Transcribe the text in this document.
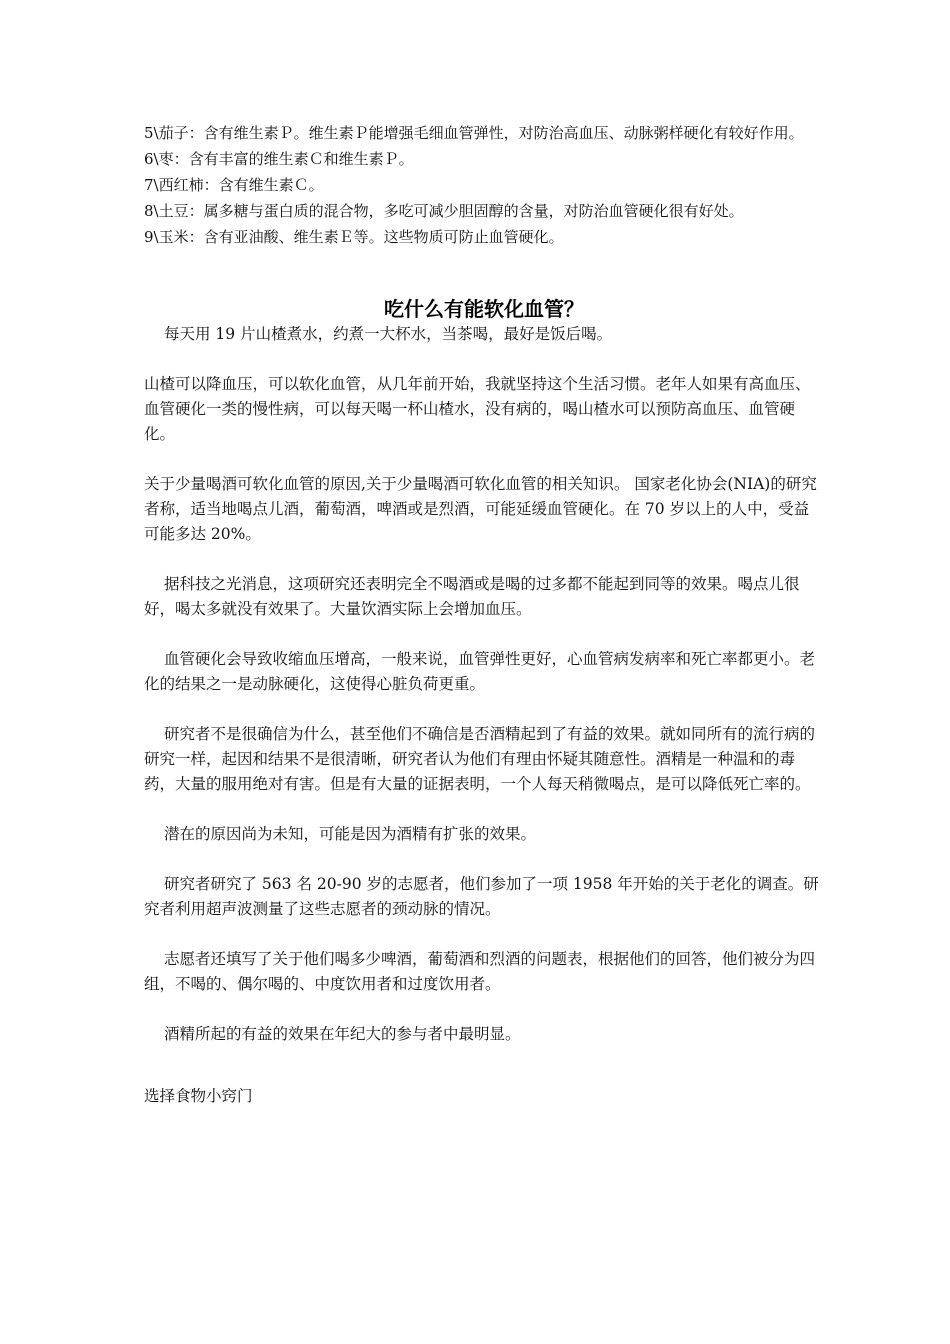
5\茄子：含有维生素Ｐ。维生素Ｐ能增强毛细血管弹性，对防治高血压、动脉粥样硬化有较好作用。

6\枣：含有丰富的维生素Ｃ和维生素Ｐ。

7\西红柿：含有维生素Ｃ。

8\土豆：属多糖与蛋白质的混合物，多吃可减少胆固醇的含量，对防治血管硬化很有好处。

9\玉米：含有亚油酸、维生素Ｅ等。这些物质可防止血管硬化。

吃什么有能软化血管？

每天用 19 片山楂煮水，约煮一大杯水，当茶喝，最好是饭后喝。

山楂可以降血压，可以软化血管，从几年前开始，我就坚持这个生活习惯。老年人如果有高血压、血管硬化一类的慢性病，可以每天喝一杯山楂水，没有病的，喝山楂水可以预防高血压、血管硬化。

关于少量喝酒可软化血管的原因,关于少量喝酒可软化血管的相关知识。 国家老化协会(NIA)的研究者称，适当地喝点儿酒，葡萄酒，啤酒或是烈酒，可能延缓血管硬化。在 70 岁以上的人中，受益可能多达 20%。

据科技之光消息，这项研究还表明完全不喝酒或是喝的过多都不能起到同等的效果。喝点儿很好，喝太多就没有效果了。大量饮酒实际上会增加血压。

血管硬化会导致收缩血压增高，一般来说，血管弹性更好，心血管病发病率和死亡率都更小。老化的结果之一是动脉硬化，这使得心脏负荷更重。

研究者不是很确信为什么，甚至他们不确信是否酒精起到了有益的效果。就如同所有的流行病的研究一样，起因和结果不是很清晰，研究者认为他们有理由怀疑其随意性。酒精是一种温和的毒药，大量的服用绝对有害。但是有大量的证据表明，一个人每天稍微喝点，是可以降低死亡率的。

潜在的原因尚为未知，可能是因为酒精有扩张的效果。

研究者研究了 563 名 20-90 岁的志愿者，他们参加了一项 1958 年开始的关于老化的调查。研究者利用超声波测量了这些志愿者的颈动脉的情况。

志愿者还填写了关于他们喝多少啤酒，葡萄酒和烈酒的问题表，根据他们的回答，他们被分为四组，不喝的、偶尔喝的、中度饮用者和过度饮用者。

酒精所起的有益的效果在年纪大的参与者中最明显。

选择食物小窍门
